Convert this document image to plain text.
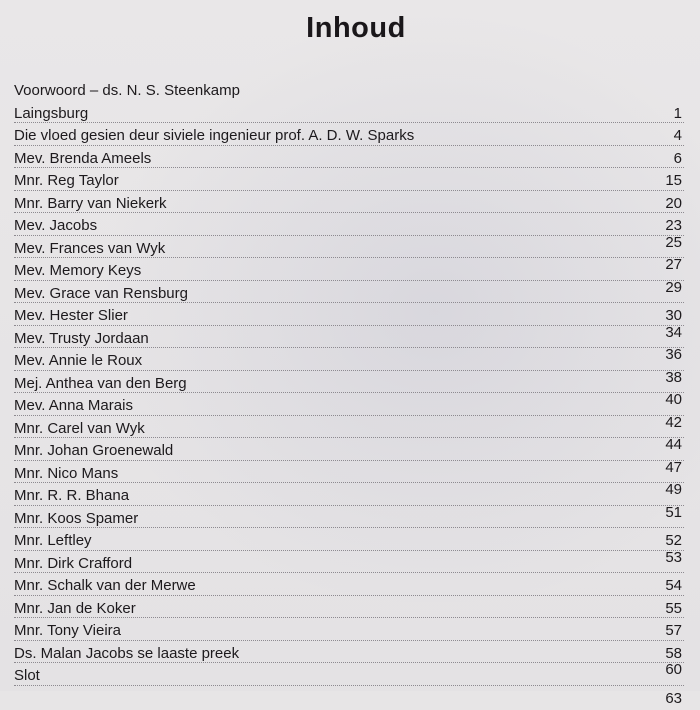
Inhoud
Voorwoord – ds. N. S. Steenkamp
Laingsburg	1
Die vloed gesien deur siviele ingenieur prof. A. D. W. Sparks	4
Mev. Brenda Ameels	6
Mnr. Reg Taylor	15
Mnr. Barry van Niekerk	20
Mev. Jacobs	23
Mev. Frances van Wyk	25
Mev. Memory Keys	27
Mev. Grace van Rensburg	29
Mev. Hester Slier	30
Mev. Trusty Jordaan	34
Mev. Annie le Roux	36
Mej. Anthea van den Berg	38
Mev. Anna Marais	40
Mnr. Carel van Wyk	42
Mnr. Johan Groenewald	44
Mnr. Nico Mans	47
Mnr. R. R. Bhana	49
Mnr. Koos Spamer	51
Mnr. Leftley	52
Mnr. Dirk Crafford	53
Mnr. Schalk van der Merwe	54
Mnr. Jan de Koker	55
Mnr. Tony Vieira	57
Ds. Malan Jacobs se laaste preek	58
Slot	60
63
